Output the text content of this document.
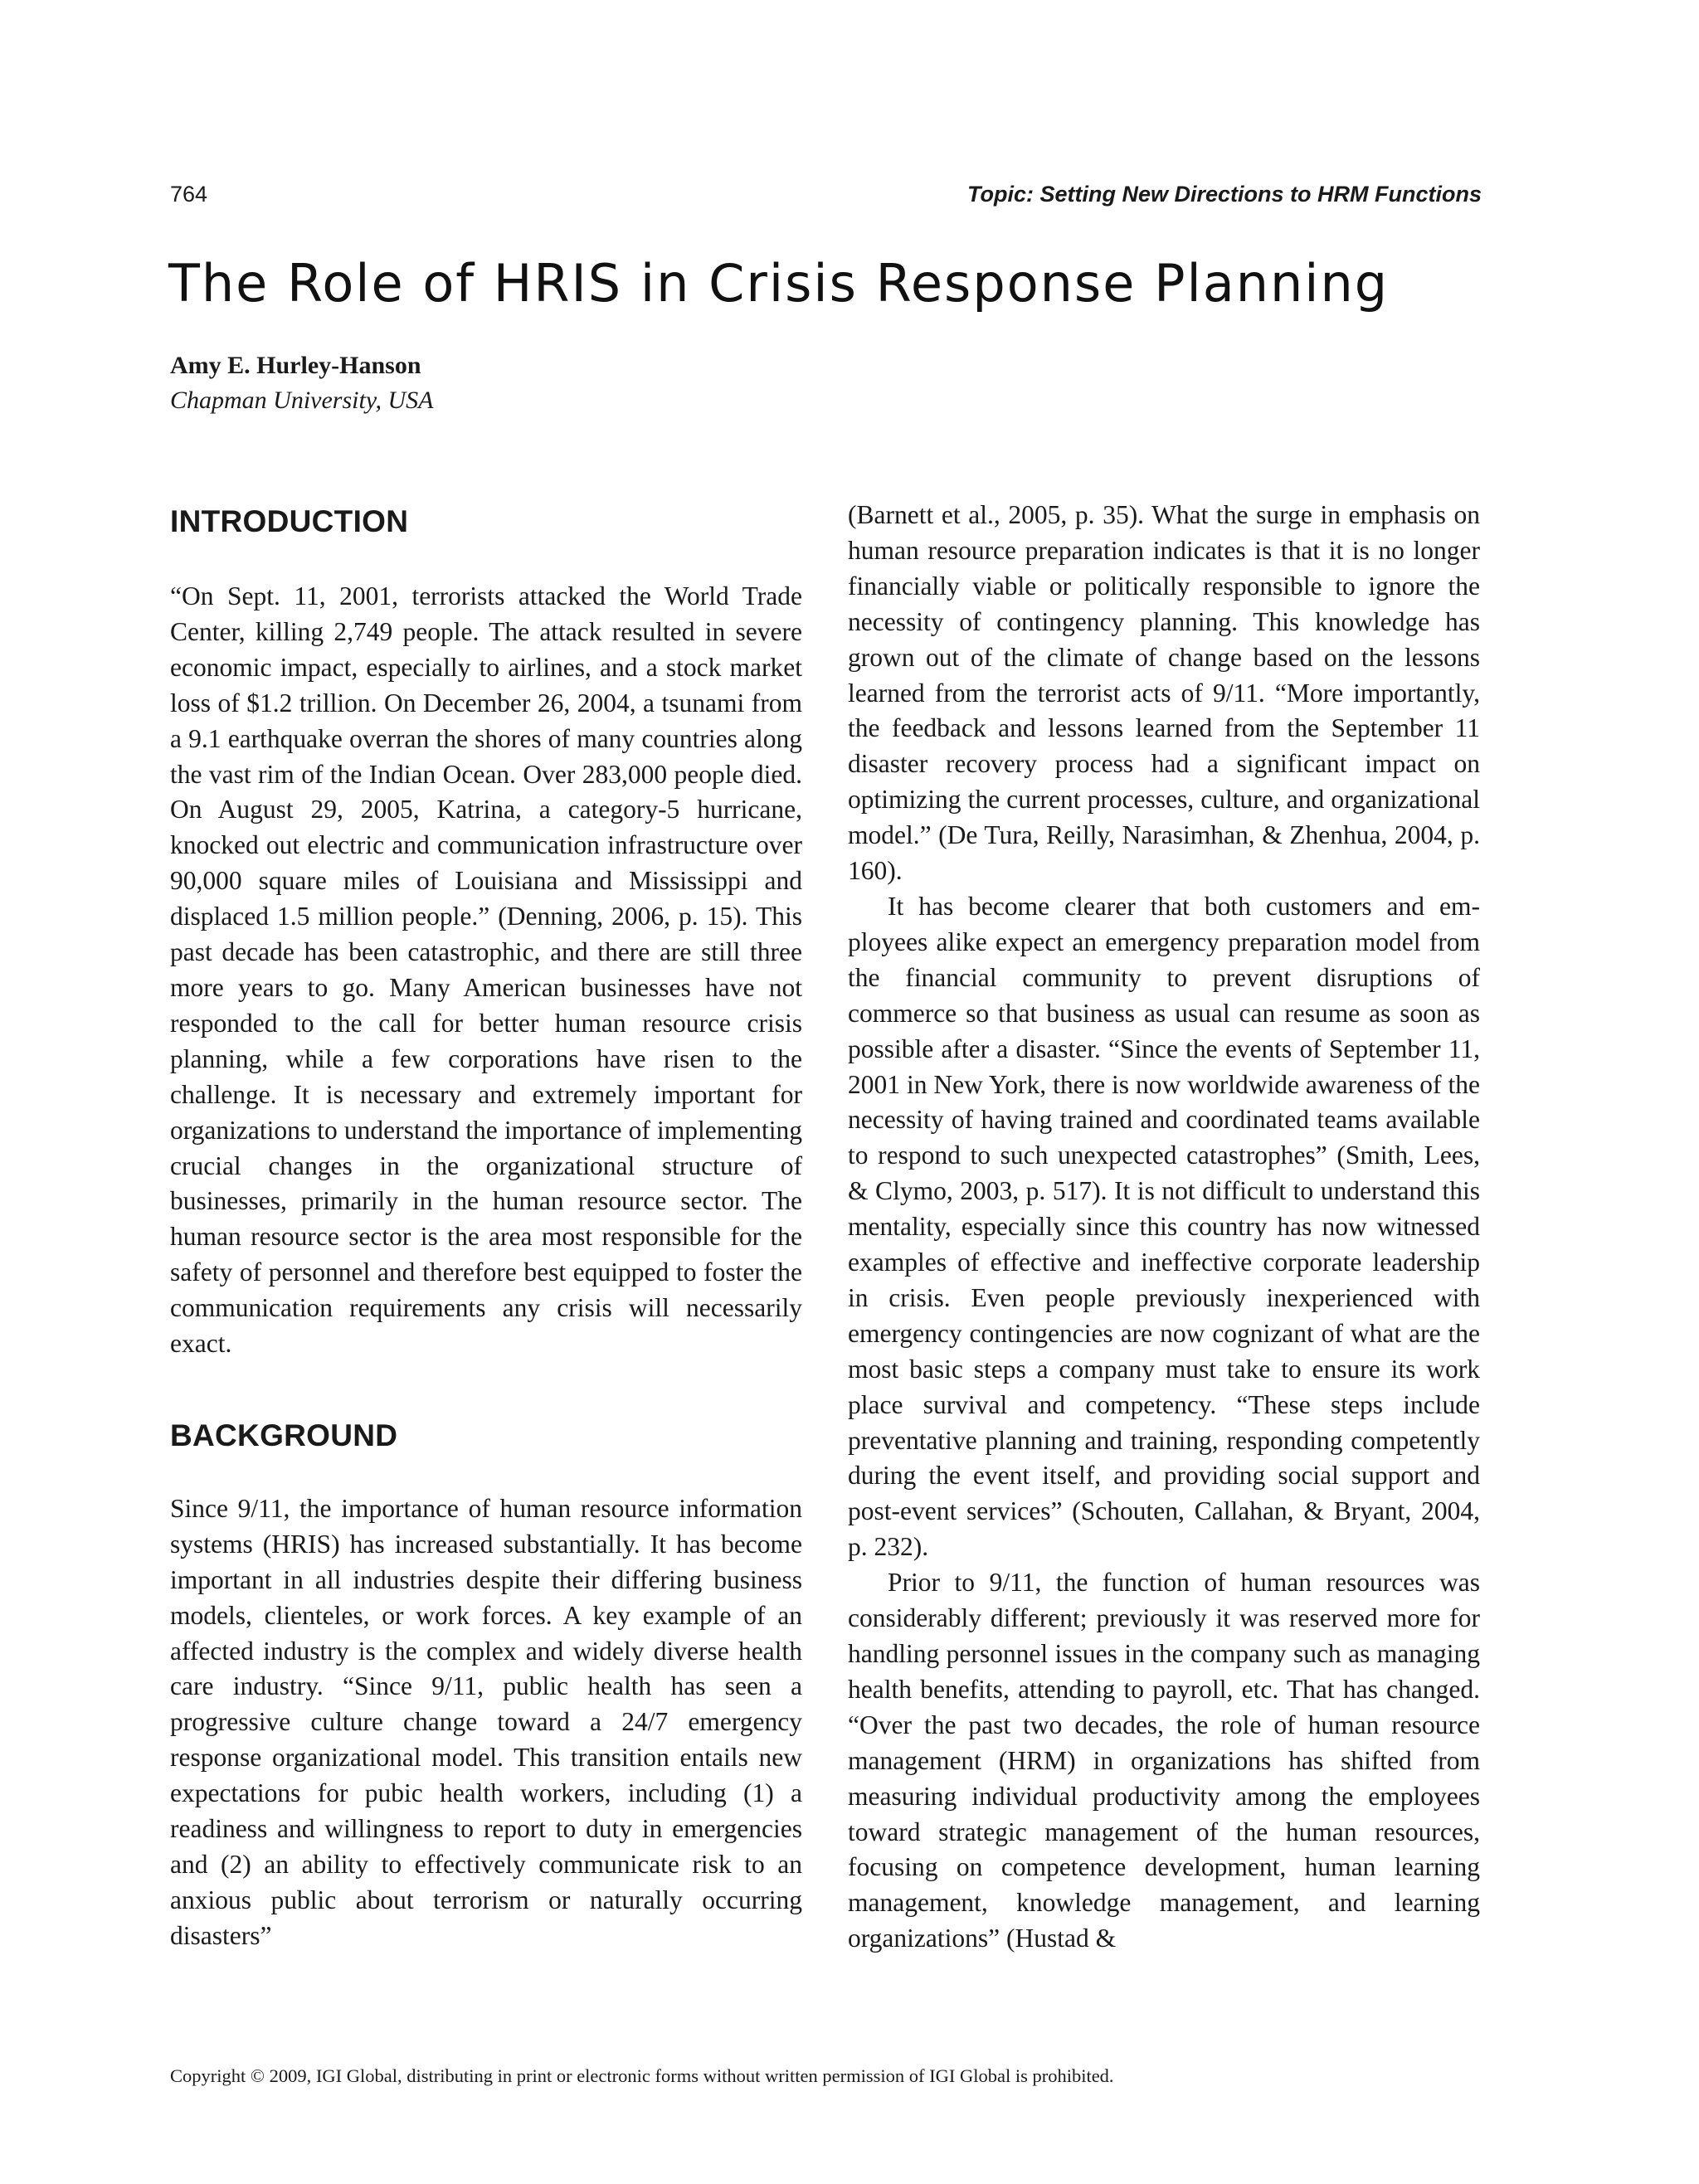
764	Topic: Setting New Directions to HRM Functions
The Role of HRIS in Crisis Response Planning
Amy E. Hurley-Hanson
Chapman University, USA
INTRODUCTION

“On Sept. 11, 2001, terrorists attacked the World Trade Center, killing 2,749 people. The attack resulted in severe economic impact, especially to airlines, and a stock market loss of $1.2 trillion. On December 26, 2004, a tsunami from a 9.1 earthquake overran the shores of many countries along the vast rim of the Indian Ocean. Over 283,000 people died. On August 29, 2005, Katrina, a category-5 hurricane, knocked out electric and communication infrastructure over 90,000 square miles of Louisiana and Mississippi and displaced 1.5 million people.” (Denning, 2006, p. 15). This past decade has been catastrophic, and there are still three more years to go. Many American businesses have not responded to the call for better human resource crisis planning, while a few corporations have risen to the challenge. It is necessary and extremely important for organizations to understand the importance of implementing crucial changes in the organizational structure of businesses, primarily in the human resource sector. The human resource sector is the area most responsible for the safety of personnel and therefore best equipped to foster the communication requirements any crisis will necessarily exact.

BACKGROUND

Since 9/11, the importance of human resource information systems (HRIS) has increased substantially. It has become important in all industries despite their differing business models, clienteles, or work forces. A key example of an affected industry is the complex and widely diverse health care industry. “Since 9/11, public health has seen a progressive culture change toward a 24/7 emergency response organizational model. This transition entails new expectations for pubic health workers, including (1) a readiness and willingness to report to duty in emergencies and (2) an ability to effectively communicate risk to an anxious public about terrorism or naturally occurring disasters”

(Barnett et al., 2005, p. 35). What the surge in emphasis on human resource preparation indicates is that it is no longer financially viable or politically responsible to ignore the necessity of contingency planning. This knowledge has grown out of the climate of change based on the lessons learned from the terrorist acts of 9/11. “More importantly, the feedback and lessons learned from the September 11 disaster recovery process had a significant impact on optimizing the current processes, culture, and organizational model.” (De Tura, Reilly, Narasimhan, & Zhenhua, 2004, p. 160).

It has become clearer that both customers and employees alike expect an emergency preparation model from the financial community to prevent disruptions of commerce so that business as usual can resume as soon as possible after a disaster. “Since the events of September 11, 2001 in New York, there is now worldwide awareness of the necessity of having trained and coordinated teams available to respond to such unexpected catastrophes” (Smith, Lees, & Clymo, 2003, p. 517). It is not difficult to understand this mentality, especially since this country has now witnessed examples of effective and ineffective corporate leadership in crisis. Even people previously inexperienced with emergency contingencies are now cognizant of what are the most basic steps a company must take to ensure its work place survival and competency. “These steps include preventative planning and training, responding competently during the event itself, and providing social support and post-event services” (Schouten, Callahan, & Bryant, 2004, p. 232).

Prior to 9/11, the function of human resources was considerably different; previously it was reserved more for handling personnel issues in the company such as managing health benefits, attending to payroll, etc. That has changed. “Over the past two decades, the role of human resource management (HRM) in organizations has shifted from measuring individual productivity among the employees toward strategic management of the human resources, focusing on competence development, human learning management, knowledge management, and learning organizations” (Hustad &

Copyright © 2009, IGI Global, distributing in print or electronic forms without written permission of IGI Global is prohibited.
